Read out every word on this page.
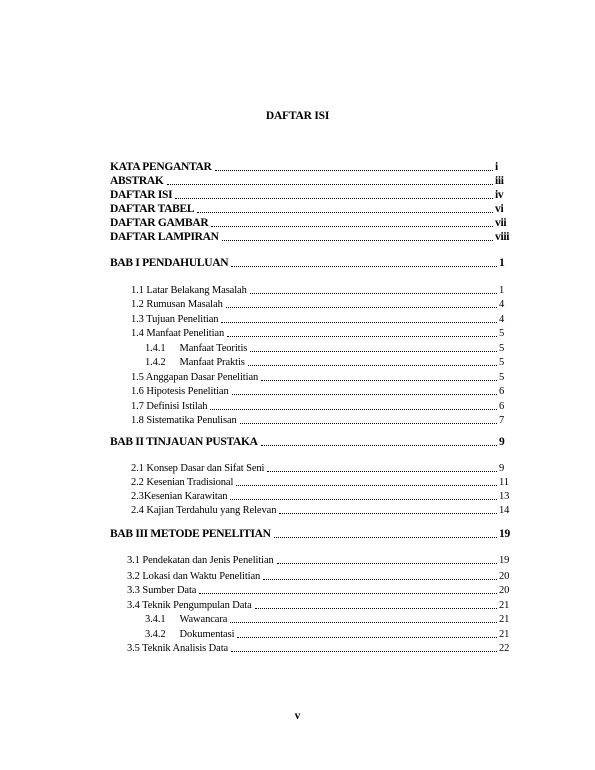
DAFTAR ISI
KATA PENGANTAR	i
ABSTRAK	iii
DAFTAR ISI	iv
DAFTAR TABEL	vi
DAFTAR GAMBAR	vii
DAFTAR LAMPIRAN	viii
BAB I PENDAHULUAN	1
1.1 Latar Belakang Masalah	1
1.2 Rumusan Masalah	4
1.3 Tujuan Penelitian	4
1.4 Manfaat Penelitian	5
1.4.1 Manfaat Teoritis	5
1.4.2 Manfaat Praktis	5
1.5 Anggapan Dasar Penelitian	5
1.6 Hipotesis Penelitian	6
1.7 Definisi Istilah	6
1.8 Sistematika Penulisan	7
BAB II TINJAUAN PUSTAKA	9
2.1 Konsep Dasar dan Sifat Seni	9
2.2 Kesenian Tradisional	11
2.3Kesenian Karawitan	13
2.4 Kajian Terdahulu yang Relevan	14
BAB III METODE PENELITIAN	19
3.1 Pendekatan dan Jenis Penelitian	19
3.2 Lokasi dan Waktu Penelitian	20
3.3 Sumber Data	20
3.4 Teknik Pengumpulan Data	21
3.4.1 Wawancara	21
3.4.2 Dokumentasi	21
3.5 Teknik Analisis Data	22
v
